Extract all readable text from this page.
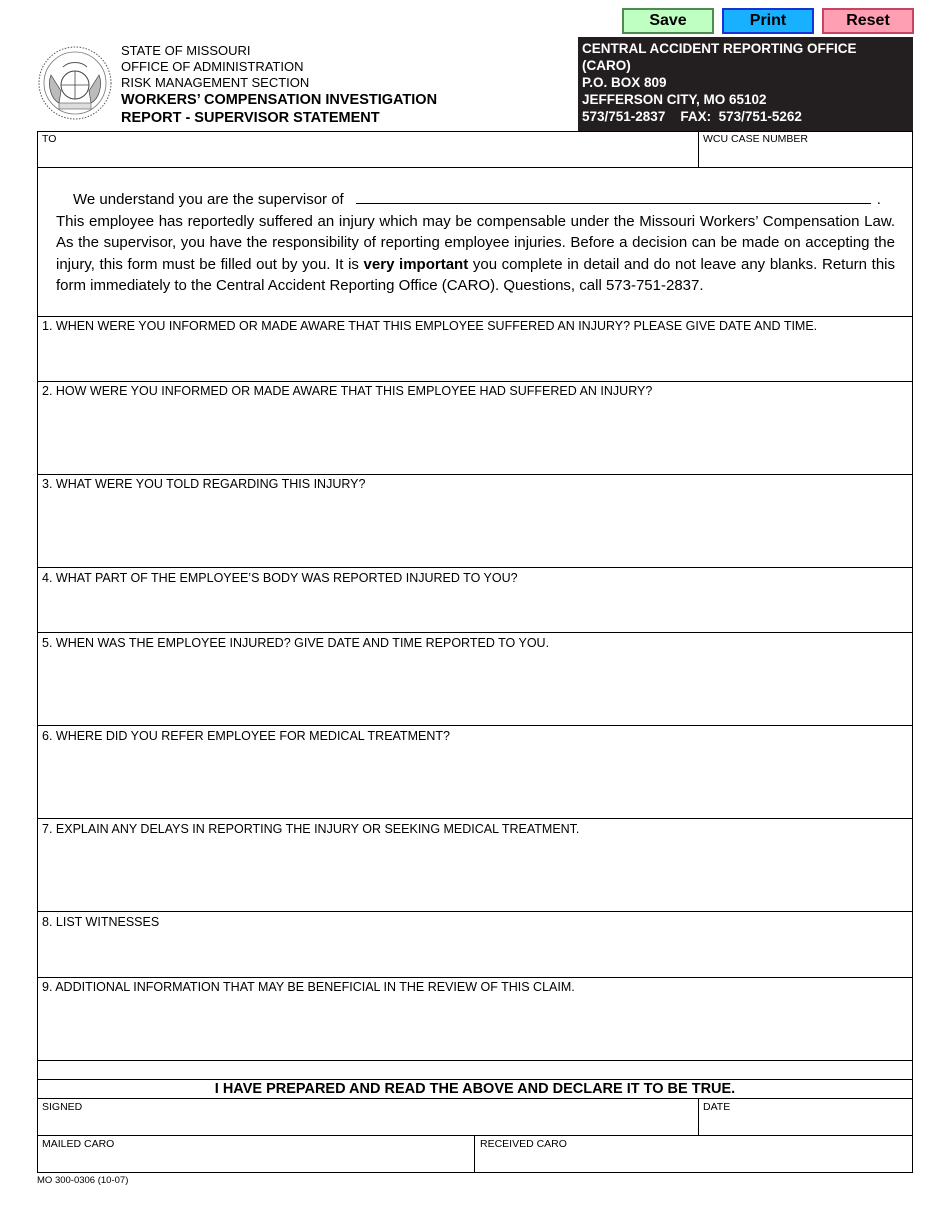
Save	Print	Reset
STATE OF MISSOURI
OFFICE OF ADMINISTRATION
RISK MANAGEMENT SECTION
WORKERS’ COMPENSATION INVESTIGATION
REPORT - SUPERVISOR STATEMENT
CENTRAL ACCIDENT REPORTING OFFICE
(CARO)
P.O. BOX 809
JEFFERSON CITY, MO 65102
573/751-2837    FAX:  573/751-5262
TO	WCU CASE NUMBER
We understand you are the supervisor of	.
This employee has reportedly suffered an injury which may be compensable under the Missouri Workers’ Compensation Law. As the supervisor, you have the responsibility of reporting employee injuries. Before a decision can be made on accepting the injury, this form must be filled out by you. It is very important you complete in detail and do not leave any blanks. Return this form immediately to the Central Accident Reporting Office (CARO). Questions, call 573-751-2837.
1. WHEN WERE YOU INFORMED OR MADE AWARE THAT THIS EMPLOYEE SUFFERED AN INJURY? PLEASE GIVE DATE AND TIME.
2. HOW WERE YOU INFORMED OR MADE AWARE THAT THIS EMPLOYEE HAD SUFFERED AN INJURY?
3. WHAT WERE YOU TOLD REGARDING THIS INJURY?
4. WHAT PART OF THE EMPLOYEE’S BODY WAS REPORTED INJURED TO YOU?
5. WHEN WAS THE EMPLOYEE INJURED? GIVE DATE AND TIME REPORTED TO YOU.
6. WHERE DID YOU REFER EMPLOYEE FOR MEDICAL TREATMENT?
7. EXPLAIN ANY DELAYS IN REPORTING THE INJURY OR SEEKING MEDICAL TREATMENT.
8. LIST WITNESSES
9. ADDITIONAL INFORMATION THAT MAY BE BENEFICIAL IN THE REVIEW OF THIS CLAIM.
I HAVE PREPARED AND READ THE ABOVE AND DECLARE IT TO BE TRUE.
SIGNED	DATE
MAILED CARO	RECEIVED CARO
MO 300-0306 (10-07)
